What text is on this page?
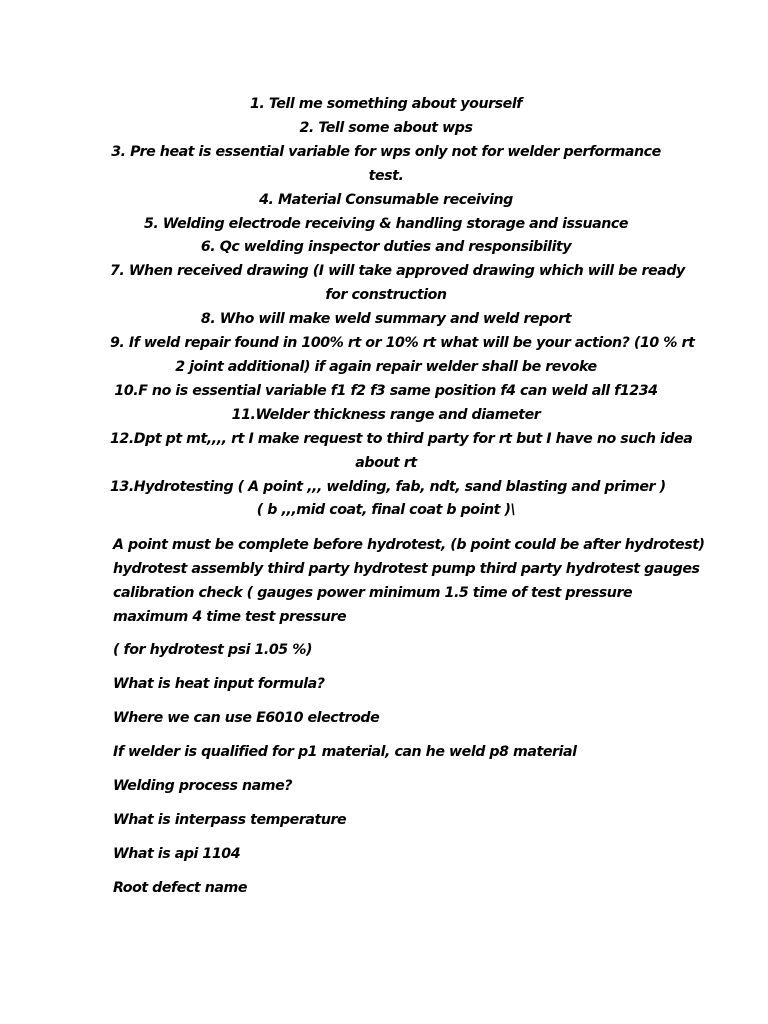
1. Tell me something about yourself
2. Tell some about wps
3. Pre heat is essential variable for wps only not for welder performance
test.
4. Material Consumable receiving
5. Welding electrode receiving & handling storage and issuance
6. Qc welding inspector duties and responsibility
7. When received drawing (I will take approved drawing which will be ready
for construction
8. Who will make weld summary and weld report
9. If weld repair found in 100% rt or 10% rt what will be your action? (10 % rt
2 joint additional) if again repair welder shall be revoke
10.F no is essential variable f1 f2 f3 same position f4 can weld all f1234
11.Welder thickness range and diameter
12.Dpt pt mt,,,, rt I make request to third party for rt but I have no such idea
about rt
13.Hydrotesting ( A point ,,, welding, fab, ndt, sand blasting and primer )
( b ,,,mid coat, final coat b point )\
A point must be complete before hydrotest, (b point could be after hydrotest)
hydrotest assembly third party hydrotest pump third party hydrotest gauges
calibration check ( gauges power minimum 1.5 time of test pressure
maximum 4 time test pressure
( for hydrotest psi 1.05 %)
What is heat input formula?
Where we can use E6010 electrode
If welder is qualified for p1 material, can he weld p8 material
Welding process name?
What is interpass temperature
What is api 1104
Root defect name
